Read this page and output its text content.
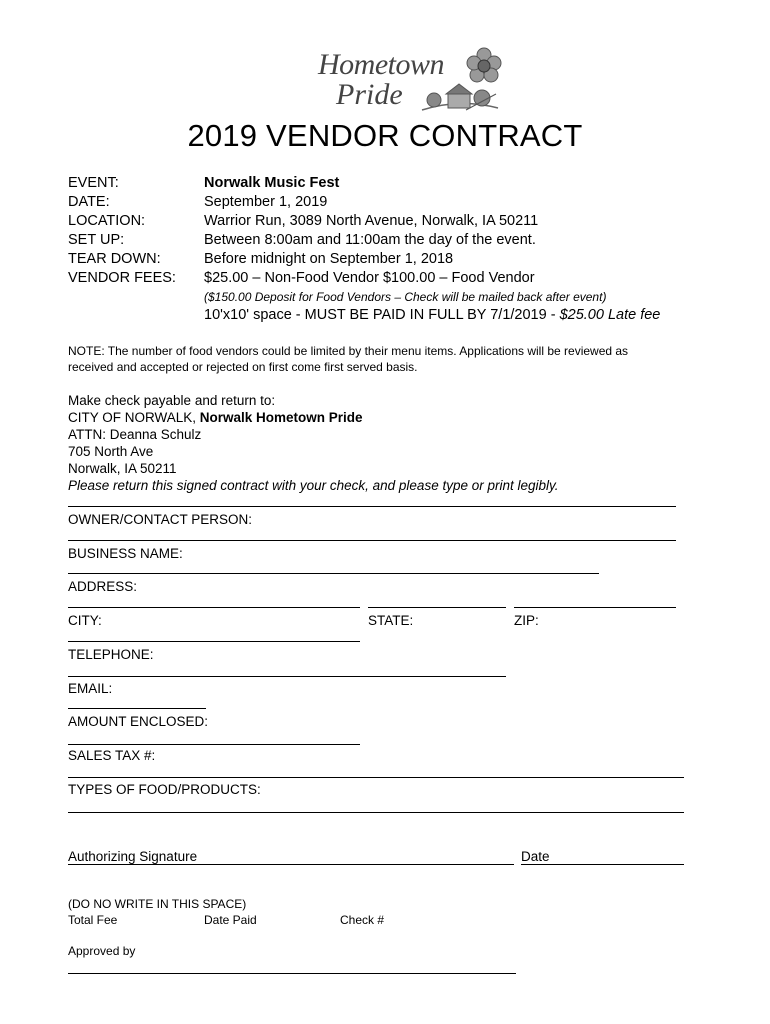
Hometown
Pride
2019 VENDOR CONTRACT
EVENT:	Norwalk Music Fest
DATE:	September 1, 2019
LOCATION:	Warrior Run, 3089 North Avenue, Norwalk, IA 50211
SET UP:	Between 8:00am and 11:00am the day of the event.
TEAR DOWN:	Before midnight on September 1, 2018
VENDOR FEES: $25.00 – Non-Food Vendor $100.00 – Food Vendor
($150.00 Deposit for Food Vendors – Check will be mailed back after event)
10'x10' space - MUST BE PAID IN FULL BY 7/1/2019 - $25.00 Late fee
NOTE: The number of food vendors could be limited by their menu items. Applications will be reviewed as
received and accepted or rejected on first come first served basis.
Make check payable and return to:
CITY OF NORWALK, Norwalk Hometown Pride
ATTN: Deanna Schulz
705 North Ave
Norwalk, IA 50211
Please return this signed contract with your check, and please type or print legibly.
OWNER/CONTACT PERSON:
BUSINESS NAME:
ADDRESS:
CITY:	STATE:	ZIP:
TELEPHONE:
EMAIL:
AMOUNT ENCLOSED:
SALES TAX #:
TYPES OF FOOD/PRODUCTS:
Authorizing Signature	Date
(DO NO WRITE IN THIS SPACE)
Total Fee	Date Paid	Check #
Approved by
